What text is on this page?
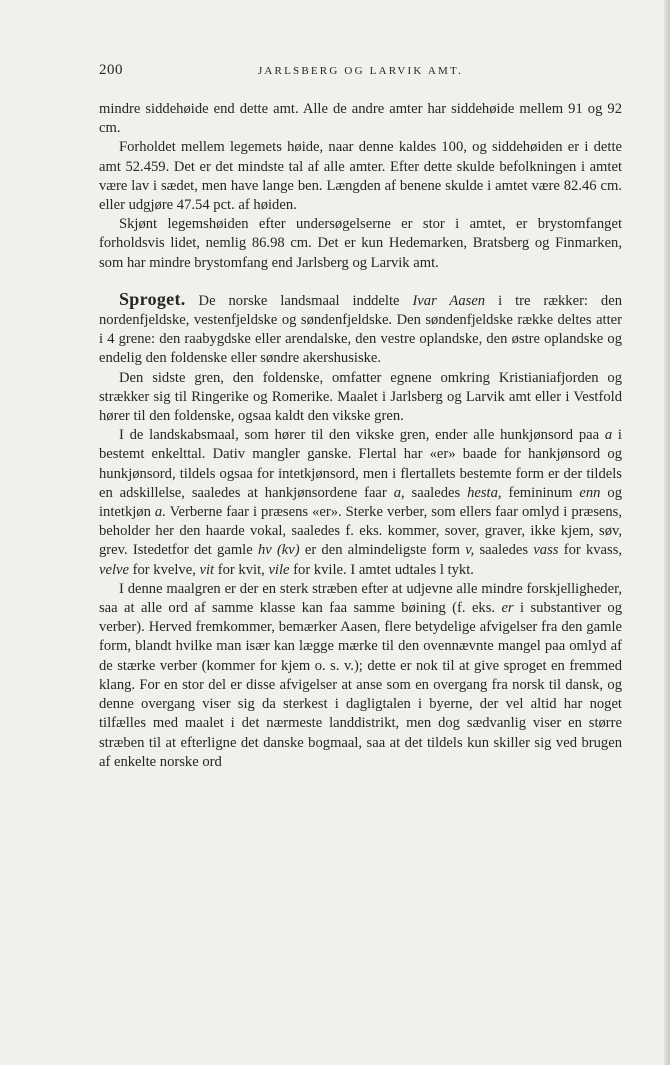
200	JARLSBERG OG LARVIK AMT.

mindre siddehøide end dette amt. Alle de andre amter har siddehøide mellem 91 og 92 cm.

Forholdet mellem legemets høide, naar denne kaldes 100, og siddehøiden er i dette amt 52.459. Det er det mindste tal af alle amter. Efter dette skulde befolkningen i amtet være lav i sædet, men have lange ben. Længden af benene skulde i amtet være 82.46 cm. eller udgjøre 47.54 pct. af høiden.

Skjønt legemshøiden efter undersøgelserne er stor i amtet, er brystomfanget forholdsvis lidet, nemlig 86.98 cm. Det er kun Hedemarken, Bratsberg og Finmarken, som har mindre brystomfang end Jarlsberg og Larvik amt.

Sproget. De norske landsmaal inddelte Ivar Aasen i tre rækker: den nordenfjeldske, vestenfjeldske og søndenfjeldske. Den søndenfjeldske række deltes atter i 4 grene: den raabygdske eller arendalske, den vestre oplandske, den østre oplandske og endelig den foldenske eller søndre akershusiske.

Den sidste gren, den foldenske, omfatter egnene omkring Kristianiafjorden og strækker sig til Ringerike og Romerike. Maalet i Jarlsberg og Larvik amt eller i Vestfold hører til den foldenske, ogsaa kaldt den vikske gren.

I de landskabsmaal, som hører til den vikske gren, ender alle hunkjønsord paa a i bestemt enkelttal. Dativ mangler ganske. Flertal har «er» baade for hankjønsord og hunkjønsord, tildels ogsaa for intetkjønsord, men i flertallets bestemte form er der tildels en adskillelse, saaledes at hankjønsordene faar a, saaledes hesta, femininum enn og intetkjøn a. Verberne faar i præsens «er». Sterke verber, som ellers faar omlyd i præsens, beholder her den haarde vokal, saaledes f. eks. kommer, sover, graver, ikke kjem, søv, grev. Istedetfor det gamle hv (kv) er den almindeligste form v, saaledes vass for kvass, velve for kvelve, vit for kvit, vile for kvile. I amtet udtales l tykt.

I denne maalgren er der en sterk stræben efter at udjevne alle mindre forskjelligheder, saa at alle ord af samme klasse kan faa samme bøining (f. eks. er i substantiver og verber). Herved fremkommer, bemærker Aasen, flere betydelige afvigelser fra den gamle form, blandt hvilke man især kan lægge mærke til den ovennævnte mangel paa omlyd af de stærke verber (kommer for kjem o. s. v.); dette er nok til at give sproget en fremmed klang. For en stor del er disse afvigelser at anse som en overgang fra norsk til dansk, og denne overgang viser sig da sterkest i dagligtalen i byerne, der vel altid har noget tilfælles med maalet i det nærmeste landdistrikt, men dog sædvanlig viser en større stræben til at efterligne det danske bogmaal, saa at det tildels kun skiller sig ved brugen af enkelte norske ord
